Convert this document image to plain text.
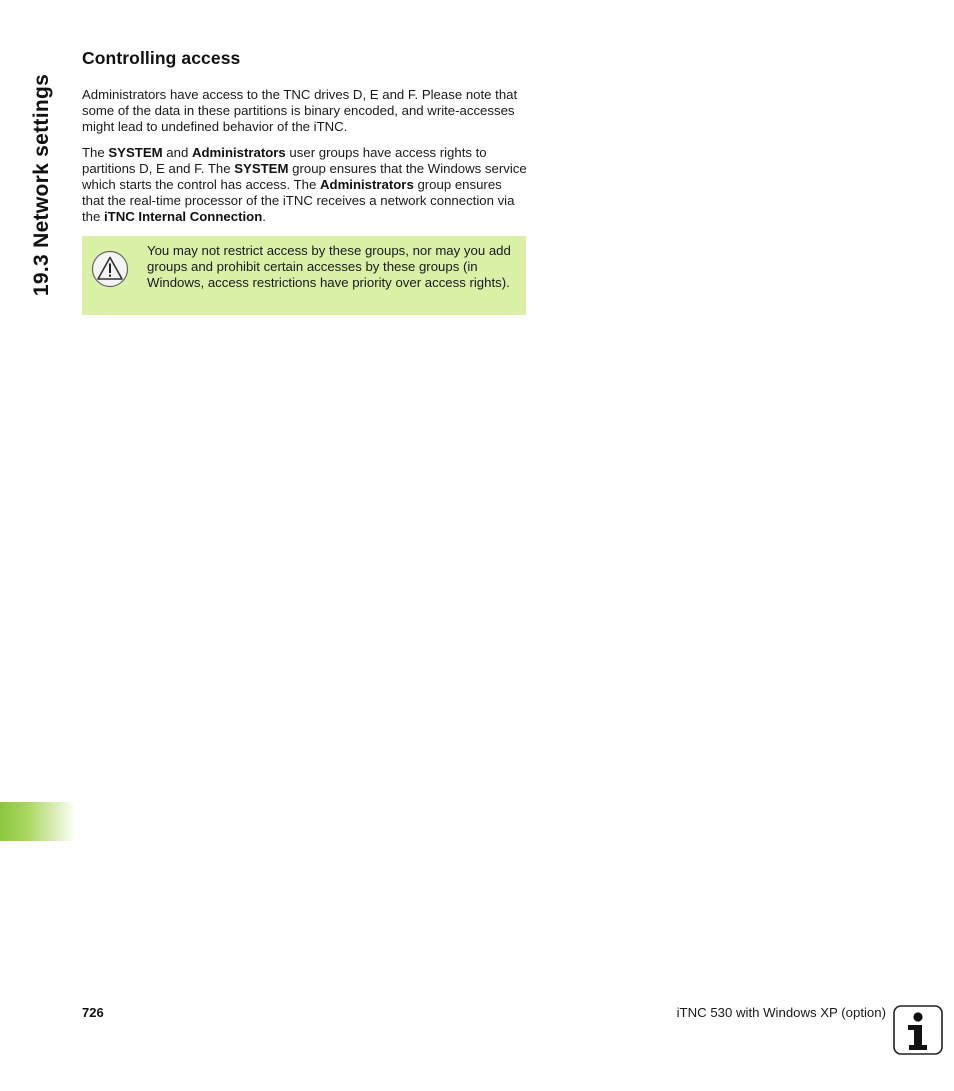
19.3 Network settings
Controlling access

Administrators have access to the TNC drives D, E and F. Please note that some of the data in these partitions is binary encoded, and write-accesses might lead to undefined behavior of the iTNC.

The SYSTEM and Administrators user groups have access rights to partitions D, E and F. The SYSTEM group ensures that the Windows service which starts the control has access. The Administrators group ensures that the real-time processor of the iTNC receives a network connection via the iTNC Internal Connection.

You may not restrict access by these groups, nor may you add groups and prohibit certain accesses by these groups (in Windows, access restrictions have priority over access rights).

726	iTNC 530 with Windows XP (option)
